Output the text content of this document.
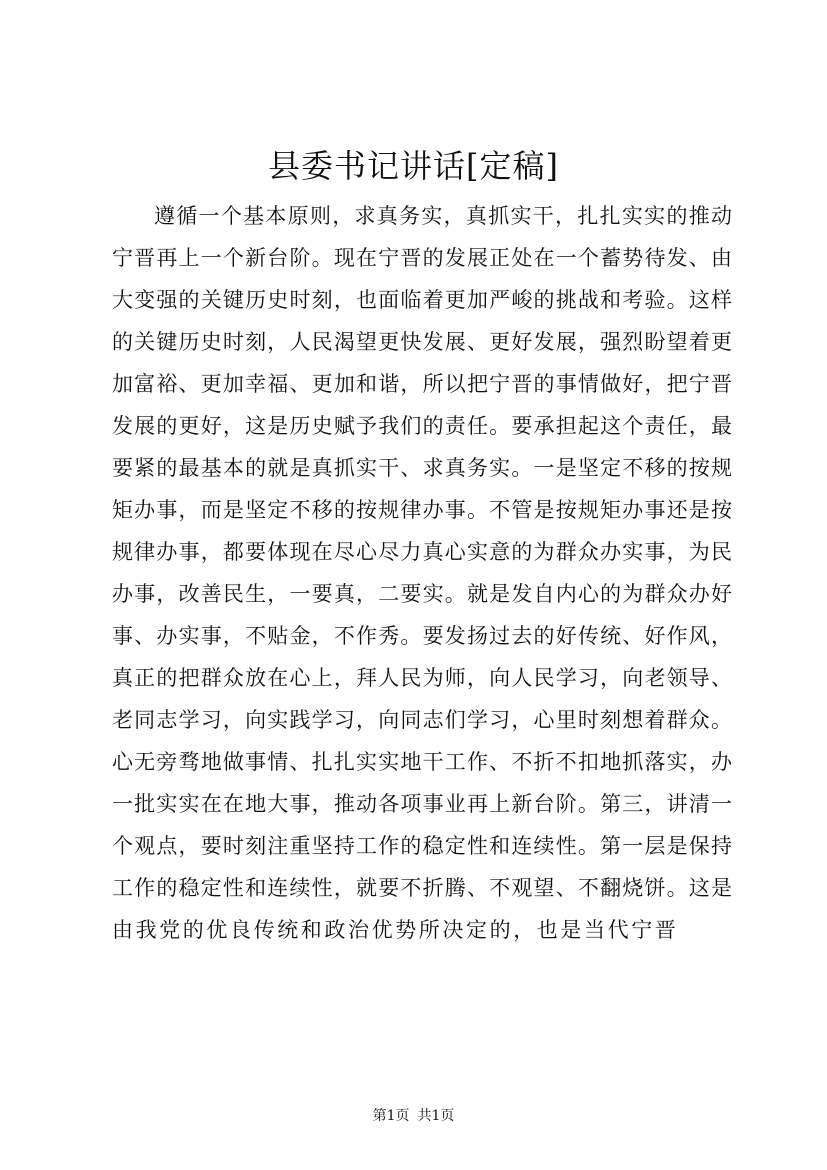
县委书记讲话[定稿]
遵循一个基本原则，求真务实，真抓实干，扎扎实实的推动
宁晋再上一个新台阶。现在宁晋的发展正处在一个蓄势待发、由
大变强的关键历史时刻，也面临着更加严峻的挑战和考验。这样
的关键历史时刻，人民渴望更快发展、更好发展，强烈盼望着更
加富裕、更加幸福、更加和谐，所以把宁晋的事情做好，把宁晋
发展的更好，这是历史赋予我们的责任。要承担起这个责任，最
要紧的最基本的就是真抓实干、求真务实。一是坚定不移的按规
矩办事，而是坚定不移的按规律办事。不管是按规矩办事还是按
规律办事，都要体现在尽心尽力真心实意的为群众办实事，为民
办事，改善民生，一要真，二要实。就是发自内心的为群众办好
事、办实事，不贴金，不作秀。要发扬过去的好传统、好作风，
真正的把群众放在心上，拜人民为师，向人民学习，向老领导、
老同志学习，向实践学习，向同志们学习，心里时刻想着群众。
心无旁骛地做事情、扎扎实实地干工作、不折不扣地抓落实，办
一批实实在在地大事，推动各项事业再上新台阶。第三，讲清一
个观点，要时刻注重坚持工作的稳定性和连续性。第一层是保持
工作的稳定性和连续性，就要不折腾、不观望、不翻烧饼。这是
由我党的优良传统和政治优势所决定的，也是当代宁晋
第1页 共1页
